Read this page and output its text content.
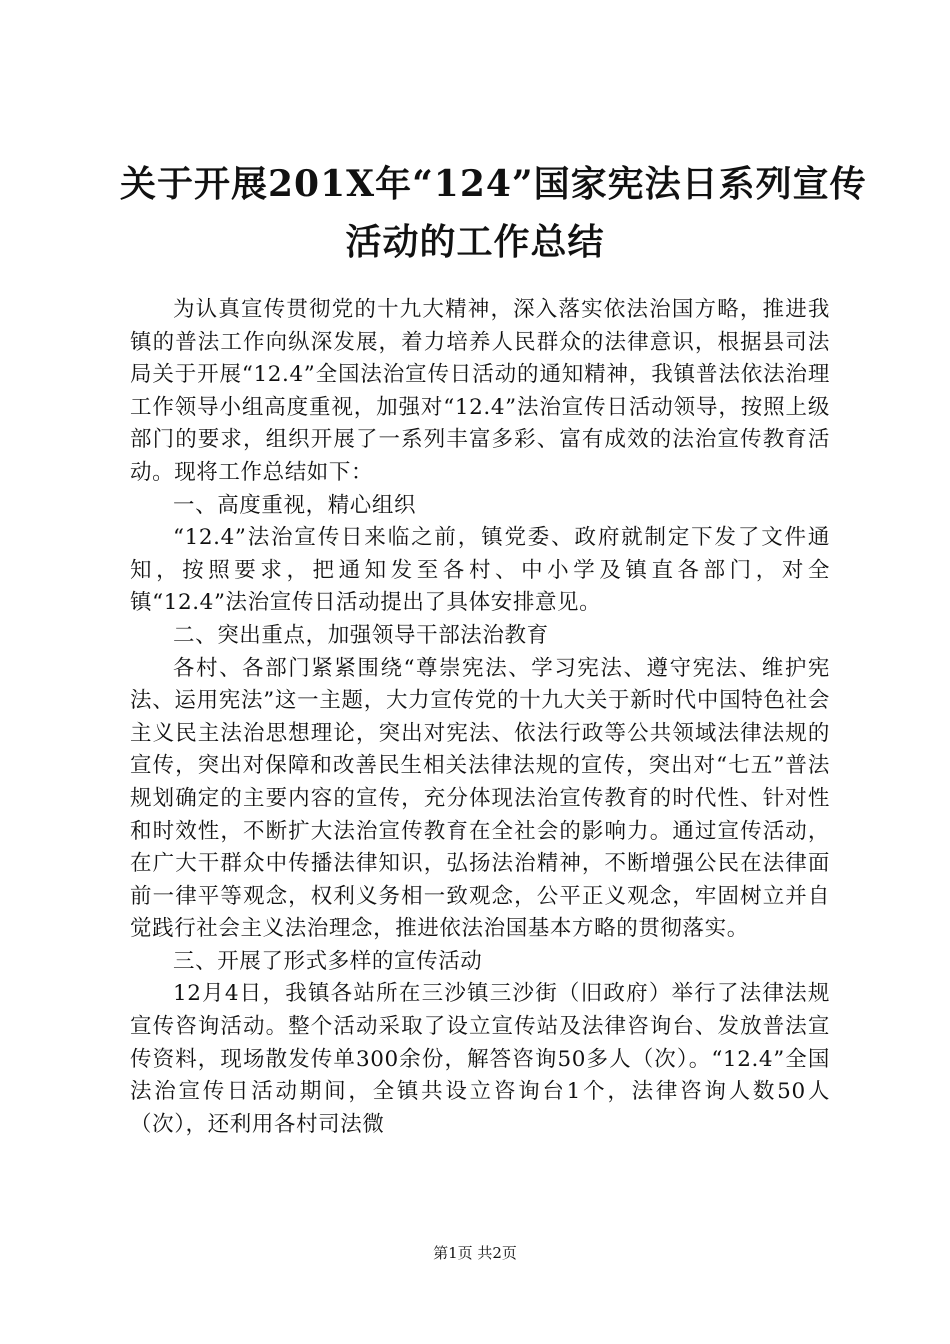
关于开展201X年“124”国家宪法日系列宣传
活动的工作总结

为认真宣传贯彻党的十九大精神，深入落实依法治国方略，推进我镇的普法工作向纵深发展，着力培养人民群众的法律意识，根据县司法局关于开展“12.4”全国法治宣传日活动的通知精神，我镇普法依法治理工作领导小组高度重视，加强对“12.4”法治宣传日活动领导，按照上级部门的要求，组织开展了一系列丰富多彩、富有成效的法治宣传教育活动。现将工作总结如下：

一、高度重视，精心组织

“12.4”法治宣传日来临之前，镇党委、政府就制定下发了文件通知，按照要求，把通知发至各村、中小学及镇直各部门，对全镇“12.4”法治宣传日活动提出了具体安排意见。

二、突出重点，加强领导干部法治教育

各村、各部门紧紧围绕“尊崇宪法、学习宪法、遵守宪法、维护宪法、运用宪法”这一主题，大力宣传党的十九大关于新时代中国特色社会主义民主法治思想理论，突出对宪法、依法行政等公共领域法律法规的宣传，突出对保障和改善民生相关法律法规的宣传，突出对“七五”普法规划确定的主要内容的宣传，充分体现法治宣传教育的时代性、针对性和时效性，不断扩大法治宣传教育在全社会的影响力。通过宣传活动，在广大干群众中传播法律知识，弘扬法治精神，不断增强公民在法律面前一律平等观念，权利义务相一致观念，公平正义观念，牢固树立并自觉践行社会主义法治理念，推进依法治国基本方略的贯彻落实。

三、开展了形式多样的宣传活动

12月4日，我镇各站所在三沙镇三沙街（旧政府）举行了法律法规宣传咨询活动。整个活动采取了设立宣传站及法律咨询台、发放普法宣传资料，现场散发传单300余份，解答咨询50多人（次）。“12.4”全国法治宣传日活动期间，全镇共设立咨询台1个，法律咨询人数50人（次），还利用各村司法微

第1页 共2页
